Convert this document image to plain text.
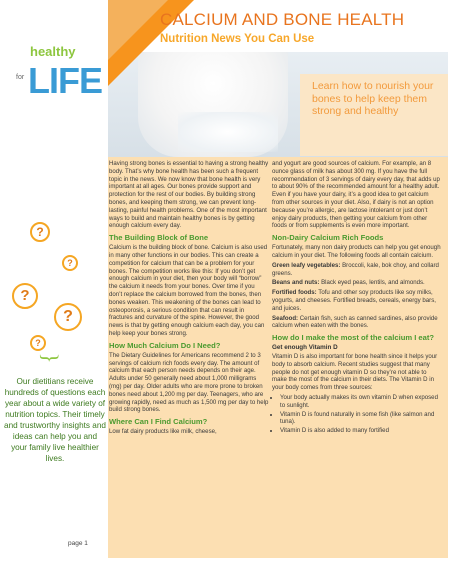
healthy
for LIFE
CALCIUM AND BONE HEALTH
Nutrition News You Can Use
Learn how to nourish your bones to help keep them strong and healthy
?
?
?
?
?
}
Our dietitians receive hundreds of questions each year about a wide variety of nutrition topics. Their timely and trustworthy insights and ideas can help you and your family live healthier lives.
page 1

Having strong bones is essential to having a strong healthy body. That’s why bone health has been such a frequent topic in the news. We now know that bone health is very important at all ages. Our bones provide support and protection for the rest of our bodies. By building strong bones, and keeping them strong, we can prevent long-lasting, painful health problems. One of the most important ways to build and maintain healthy bones is by getting enough calcium every day.

The Building Block of Bone

Calcium is the building block of bone. Calcium is also used in many other functions in our bodies. This can create a competition for calcium that can be a problem for your bones. The competition works like this: If you don’t get enough calcium in your diet, then your body will “borrow” the calcium it needs from your bones. Over time if you don’t replace the calcium borrowed from the bones, then bones weaken. This weakening of the bones can lead to osteoporosis, a serious condition that can result in fractures and curvature of the spine. However, the good news is that by getting enough calcium each day, you can help keep your bones strong.

How Much Calcium Do I Need?

The Dietary Guidelines for Americans recommend 2 to 3 servings of calcium rich foods every day. The amount of calcium that each person needs depends on their age. Adults under 50 generally need about 1,000 milligrams (mg) per day. Older adults who are more prone to broken bones need about 1,200 mg per day. Teenagers, who are growing rapidly, need as much as 1,500 mg per day to help build strong bones.

Where Can I Find Calcium?

Low fat dairy products like milk, cheese,

and yogurt are good sources of calcium. For example, an 8 ounce glass of milk has about 300 mg. If you have the full recommendation of 3 servings of dairy every day, that adds up to about 90% of the recommended amount for a healthy adult. Even if you have your dairy, it’s a good idea to get calcium from other sources in your diet. Also, if dairy is not an option because you’re allergic, are lactose intolerant or just don’t enjoy dairy products, then getting your calcium from other foods or from supplements is even more important.

Non-Dairy Calcium Rich Foods

Fortunately, many non dairy products can help you get enough calcium in your diet. The following foods all contain calcium.

Green leafy vegetables: Broccoli, kale, bok choy, and collard greens.

Beans and nuts: Black eyed peas, lentils, and almonds.

Fortified foods: Tofu and other soy products like soy milks, yogurts, and cheeses. Fortified breads, cereals, energy bars, and juices.

Seafood: Certain fish, such as canned sardines, also provide calcium when eaten with the bones.

How do I make the most of the calcium I eat?
Get enough Vitamin D

Vitamin D is also important for bone health since it helps your body to absorb calcium. Recent studies suggest that many people do not get enough vitamin D so they’re not able to make the most of the calcium in their diets. The Vitamin D in your body comes from three sources:

• Your body actually makes its own vitamin D when exposed to sunlight.
• Vitamin D is found naturally in some fish (like salmon and tuna).
• Vitamin D is also added to many fortified
